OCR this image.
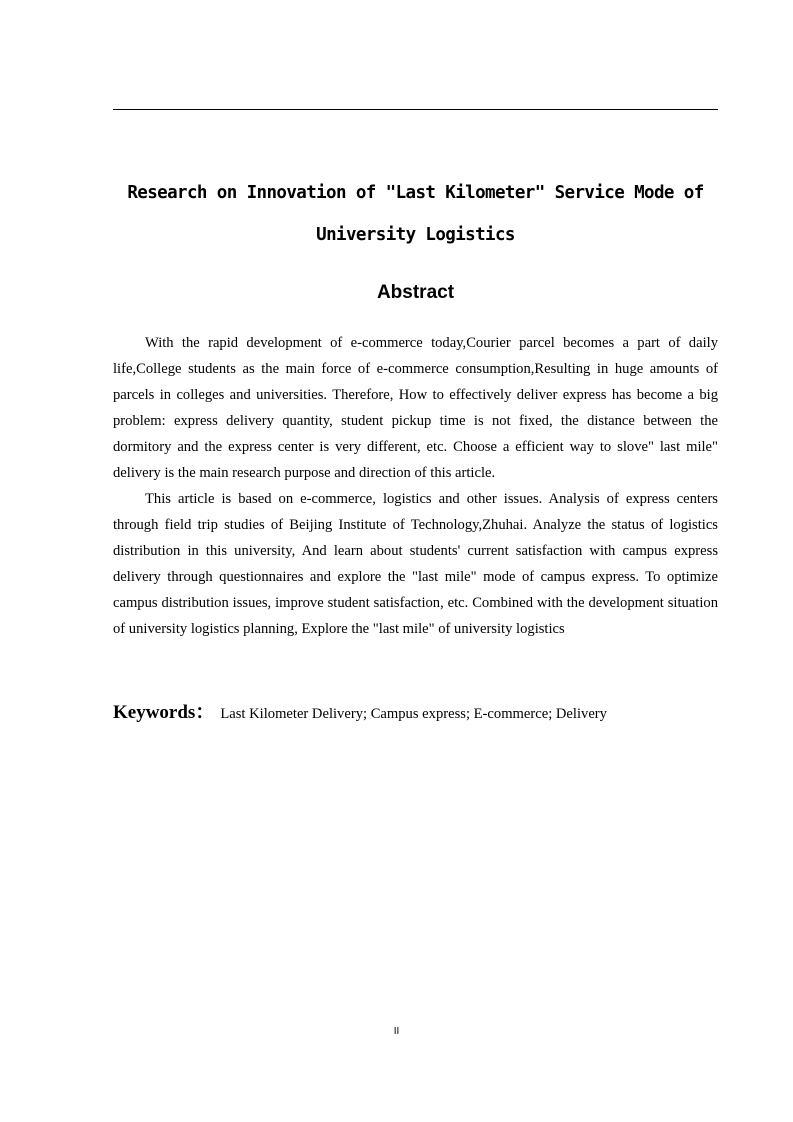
Research on Innovation of "Last Kilometer" Service Mode of
University Logistics
Abstract

With the rapid development of e-commerce today,Courier parcel becomes a part of daily life,College students as the main force of e-commerce consumption,Resulting in huge amounts of parcels in colleges and universities. Therefore, How to effectively deliver express has become a big problem: express delivery quantity, student pickup time is not fixed, the distance between the dormitory and the express center is very different, etc. Choose a efficient way to slove" last mile" delivery is the main research purpose and direction of this article.

This article is based on e-commerce, logistics and other issues. Analysis of express centers through field trip studies of Beijing Institute of Technology,Zhuhai. Analyze the status of logistics distribution in this university, And learn about students' current satisfaction with campus express delivery through questionnaires and explore the "last mile" mode of campus express. To optimize campus distribution issues, improve student satisfaction, etc. Combined with the development situation of university logistics planning, Explore the "last mile" of university logistics

Keywords： Last Kilometer Delivery; Campus express; E-commerce; Delivery
II
